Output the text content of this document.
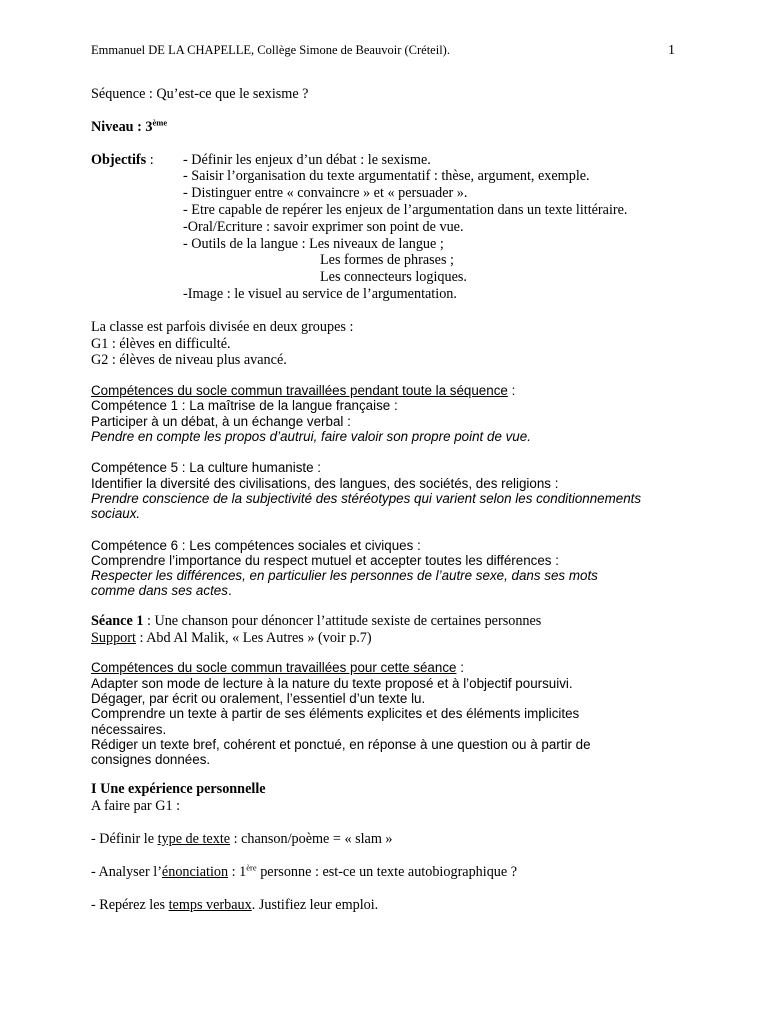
Emmanuel DE LA CHAPELLE, Collège Simone de Beauvoir (Créteil).	1

Séquence : Qu’est-ce que le sexisme ?

Niveau : 3ème

Objectifs :	- Définir les enjeux d’un débat : le sexisme.

- Saisir l’organisation du texte argumentatif : thèse, argument, exemple.

- Distinguer entre « convaincre » et « persuader ».

- Etre capable de repérer les enjeux de l’argumentation dans un texte littéraire.

-Oral/Ecriture : savoir exprimer son point de vue.

- Outils de la langue : Les niveaux de langue ;

Les formes de phrases ;

Les connecteurs logiques.

-Image : le visuel au service de l’argumentation.

La classe est parfois divisée en deux groupes :

G1 : élèves en difficulté.

G2 : élèves de niveau plus avancé.

Compétences du socle commun travaillées pendant toute la séquence :

Compétence 1 : La maîtrise de la langue française :

Participer à un débat, à un échange verbal :

Pendre en compte les propos d’autrui, faire valoir son propre point de vue.

Compétence 5 : La culture humaniste :

Identifier la diversité des civilisations, des langues, des sociétés, des religions :

Prendre conscience de la subjectivité des stéréotypes qui varient selon les conditionnements

sociaux.

Compétence 6 : Les compétences sociales et civiques :

Comprendre l’importance du respect mutuel et accepter toutes les différences :

Respecter les différences, en particulier les personnes de l’autre sexe, dans ses mots

comme dans ses actes.

Séance 1 : Une chanson pour dénoncer l’attitude sexiste de certaines personnes

Support : Abd Al Malik, « Les Autres » (voir p.7)

Compétences du socle commun travaillées pour cette séance :

Adapter son mode de lecture à la nature du texte proposé et à l’objectif poursuivi.

Dégager, par écrit ou oralement, l’essentiel d’un texte lu.

Comprendre un texte à partir de ses éléments explicites et des éléments implicites

nécessaires.

Rédiger un texte bref, cohérent et ponctué, en réponse à une question ou à partir de

consignes données.

I Une expérience personnelle

A faire par G1 :

- Définir le type de texte : chanson/poème = « slam »

- Analyser l’énonciation : 1ère personne : est-ce un texte autobiographique ?

- Repérez les temps verbaux. Justifiez leur emploi.
